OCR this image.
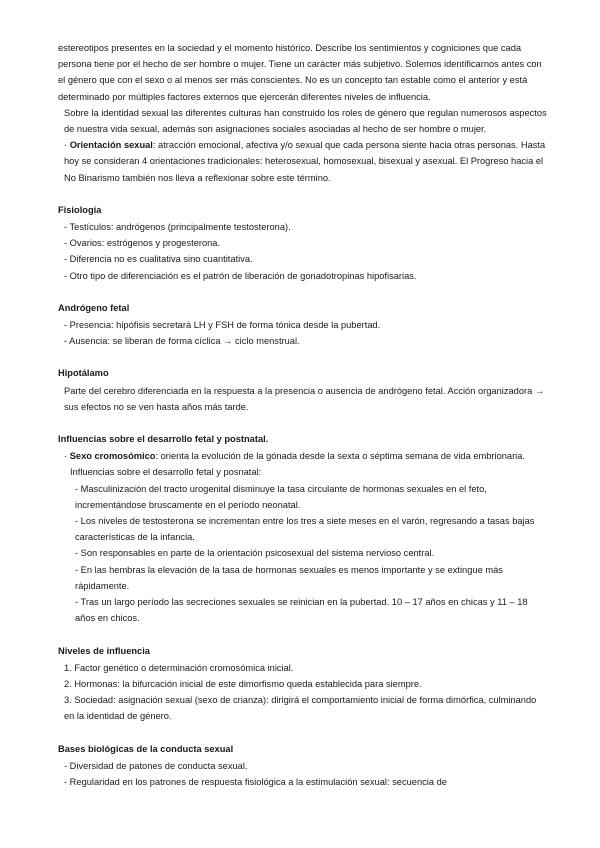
estereotipos presentes en la sociedad y el momento histórico. Describe los sentimientos y cogniciones que cada persona tiene por el hecho de ser hombre o mujer. Tiene un carácter más subjetivo. Solemos identificarnos antes con el género que con el sexo o al menos ser más conscientes. No es un concepto tan estable como el anterior y está determinado por múltiples factores externos que ejercerán diferentes niveles de influencia.

Sobre la identidad sexual las diferentes culturas han construido los roles de género que regulan numerosos aspectos de nuestra vida sexual, además son asignaciones sociales asociadas al hecho de ser hombre o mujer.

· Orientación sexual: atracción emocional, afectiva y/o sexual que cada persona siente hacia otras personas. Hasta hoy se consideran 4 orientaciones tradicionales: heterosexual, homosexual, bisexual y asexual. El Progreso hacia el No Binarismo también nos lleva a reflexionar sobre este término.

Fisiología
- Testículos: andrógenos (principalmente testosterona).
- Ovarios: estrógenos y progesterona.
- Diferencia no es cualitativa sino cuantitativa.
- Otro tipo de diferenciación es el patrón de liberación de gonadotropinas hipofisarias.
Andrógeno fetal
- Presencia: hipófisis secretará LH y FSH de forma tónica desde la pubertad.
- Ausencia: se liberan de forma cíclica → ciclo menstrual.
Hipotálamo

Parte del cerebro diferenciada en la respuesta a la presencia o ausencia de andrógeno fetal. Acción organizadora → sus efectos no se ven hasta años más tarde.

Influencias sobre el desarrollo fetal y postnatal.

· Sexo cromosómico: orienta la evolución de la gónada desde la sexta o séptima semana de vida embrionaria.

Influencias sobre el desarrollo fetal y posnatal:
- Masculinización del tracto urogenital disminuye la tasa circulante de hormonas sexuales en el feto, incrementándose bruscamente en el período neonatal.
- Los niveles de testosterona se incrementan entre los tres a siete meses en el varón, regresando a tasas bajas características de la infancia.
- Son responsables en parte de la orientación psicosexual del sistema nervioso central.
- En las hembras la elevación de la tasa de hormonas sexuales es menos importante y se extingue más rápidamente.
- Tras un largo período las secreciones sexuales se reinician en la pubertad. 10 – 17 años en chicas y 11 – 18 años en chicos.
Niveles de influencia
1. Factor genético o determinación cromosómica inicial.
2. Hormonas: la bifurcación inicial de este dimorfismo queda establecida para siempre.
3. Sociedad: asignación sexual (sexo de crianza): dirigirá el comportamiento inicial de forma dimórfica, culminando en la identidad de género.
Bases biológicas de la conducta sexual
- Diversidad de patones de conducta sexual.
- Regularidad en los patrones de respuesta fisiológica a la estimulación sexual: secuencia de
